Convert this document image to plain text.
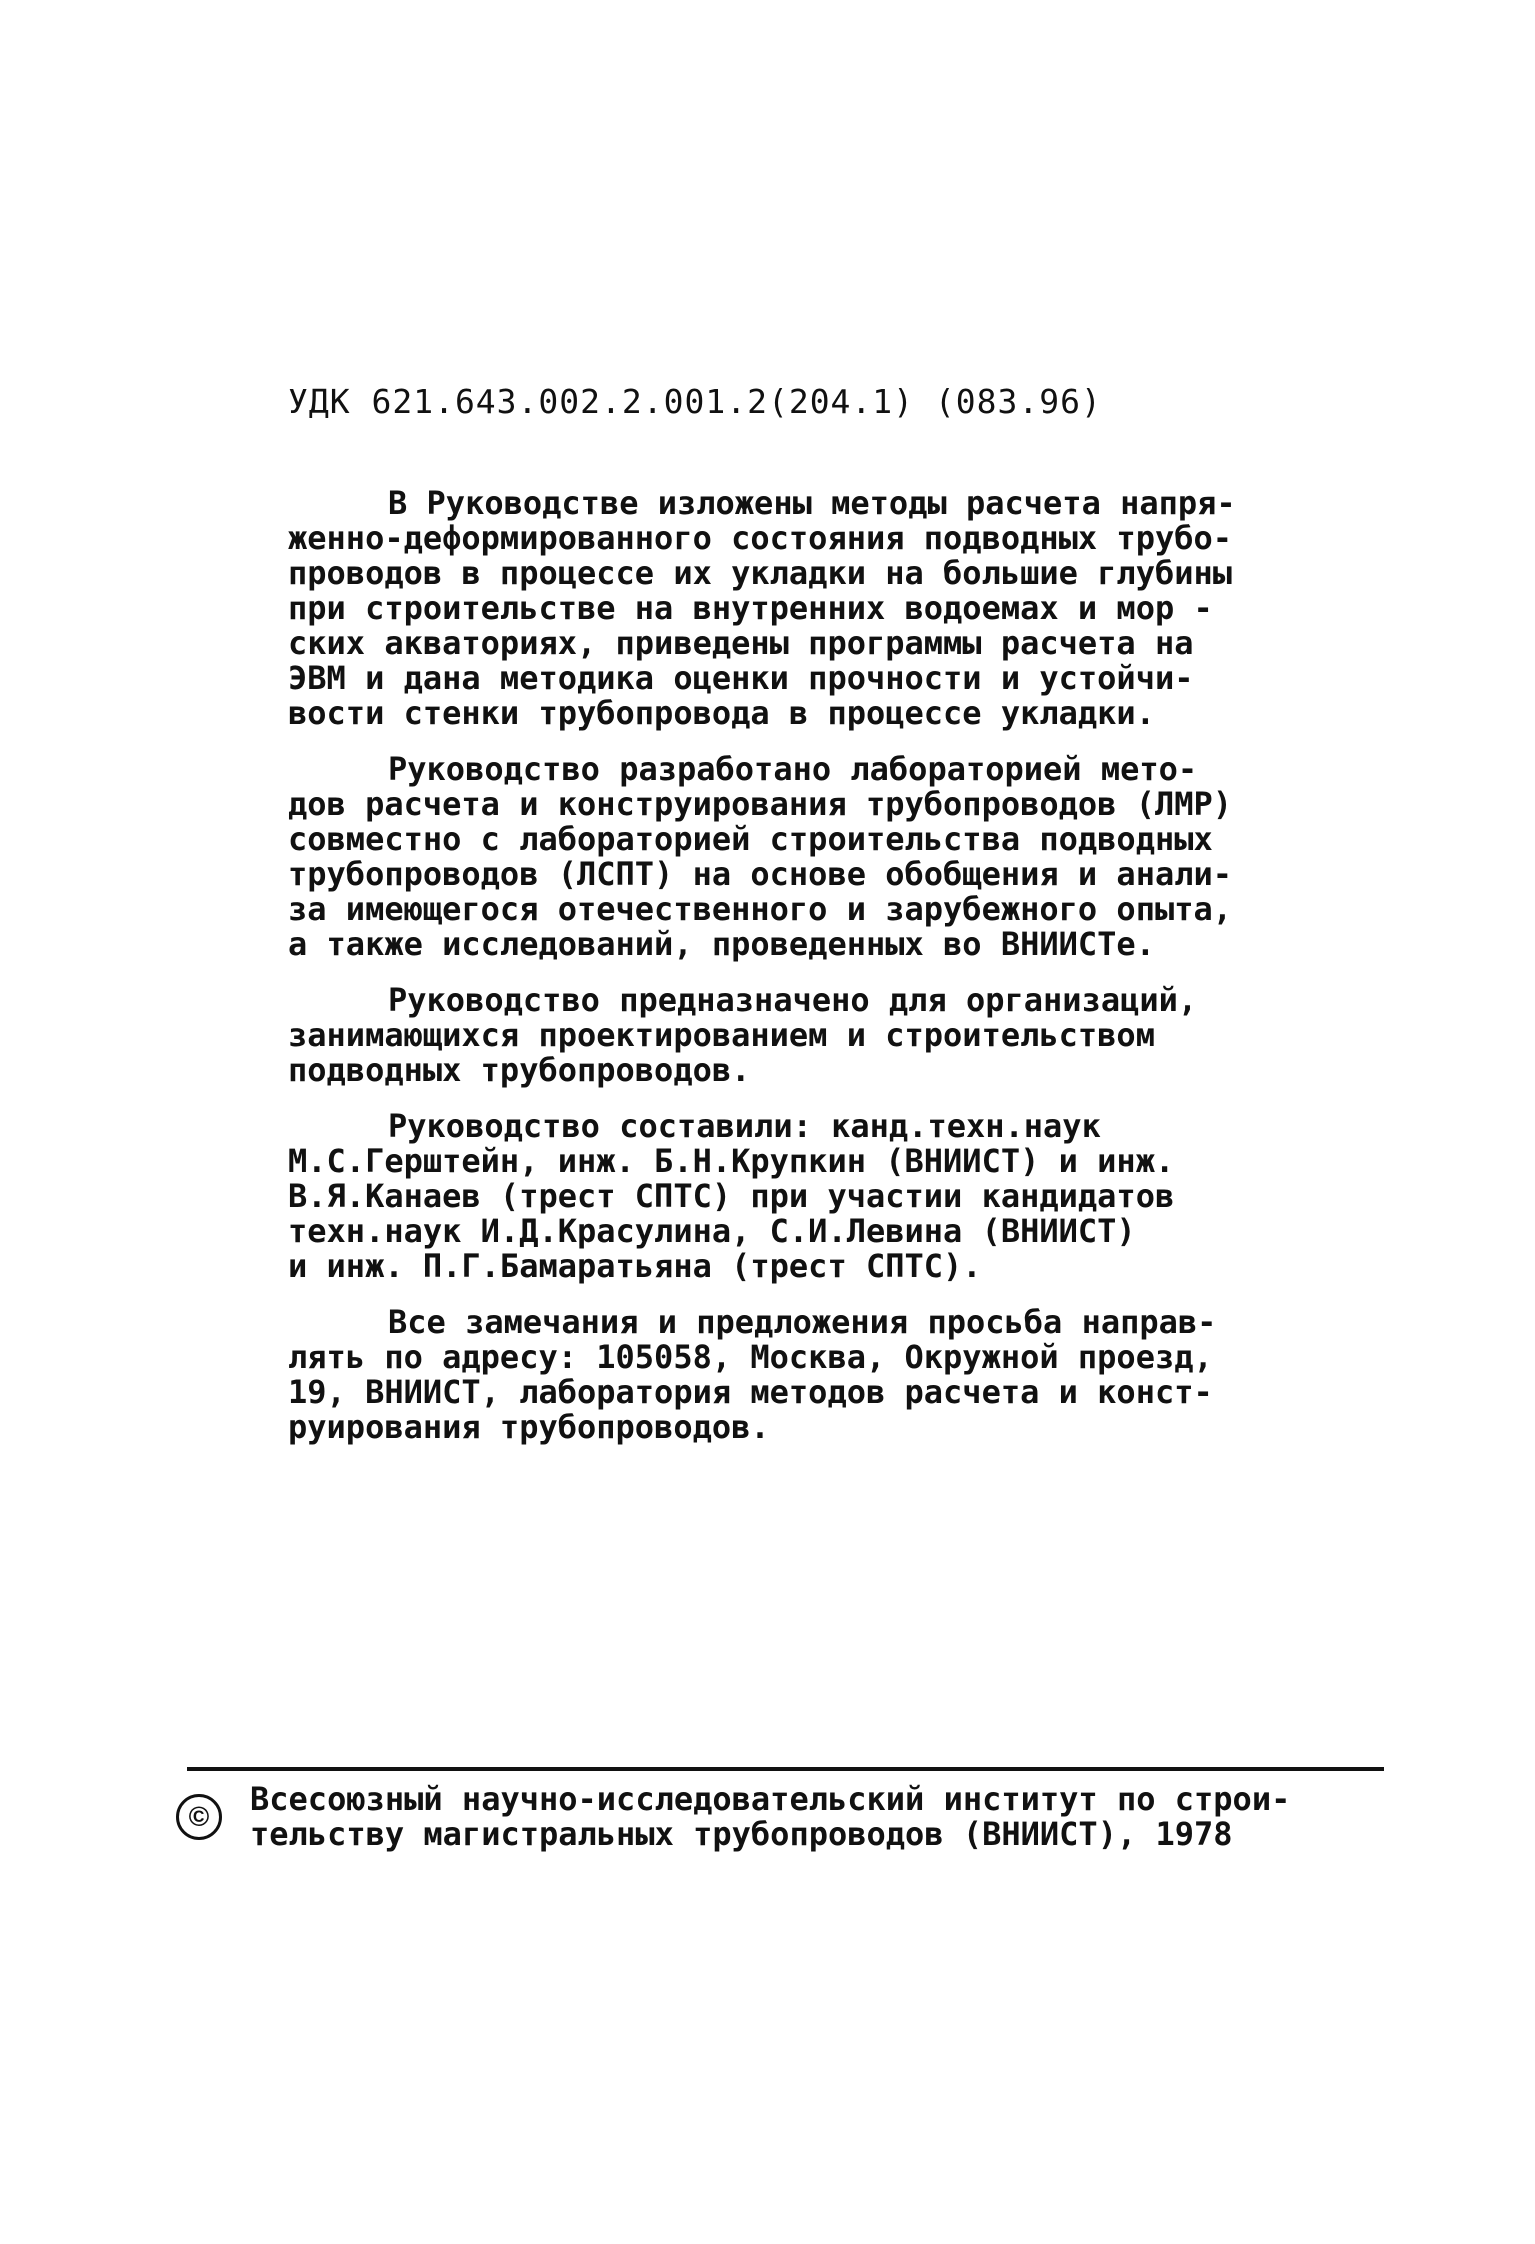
УДК 621.643.002.2.001.2(204.1) (083.96)
В Руководстве изложены методы расчета напря-
женно-деформированного состояния подводных трубо-
проводов в процессе их укладки на большие глубины
при строительстве на внутренних водоемах и мор -
ских акваториях, приведены программы расчета на
ЭВМ и дана методика оценки прочности и устойчи-
вости стенки трубопровода в процессе укладки.
Руководство разработано лабораторией мето-
дов расчета и конструирования трубопроводов (ЛМР)
совместно с лабораторией строительства подводных
трубопроводов (ЛСПТ) на основе обобщения и анали-
за имеющегося отечественного и зарубежного опыта,
а также исследований, проведенных во ВНИИСТе.
Руководство предназначено для организаций,
занимающихся проектированием и строительством
подводных трубопроводов.
Руководство составили: канд.техн.наук
М.С.Герштейн, инж. Б.Н.Крупкин (ВНИИСТ) и инж.
В.Я.Канаев (трест СПТС) при участии кандидатов
техн.наук И.Д.Красулина, С.И.Левина (ВНИИСТ)
и инж. П.Г.Бамаратьяна (трест СПТС).
Все замечания и предложения просьба направ-
лять по адресу: 105058, Москва, Окружной проезд,
19, ВНИИСТ, лаборатория методов расчета и конст-
руирования трубопроводов.
©	Всесоюзный научно-исследовательский институт по строи-
тельству магистральных трубопроводов (ВНИИСТ), 1978
